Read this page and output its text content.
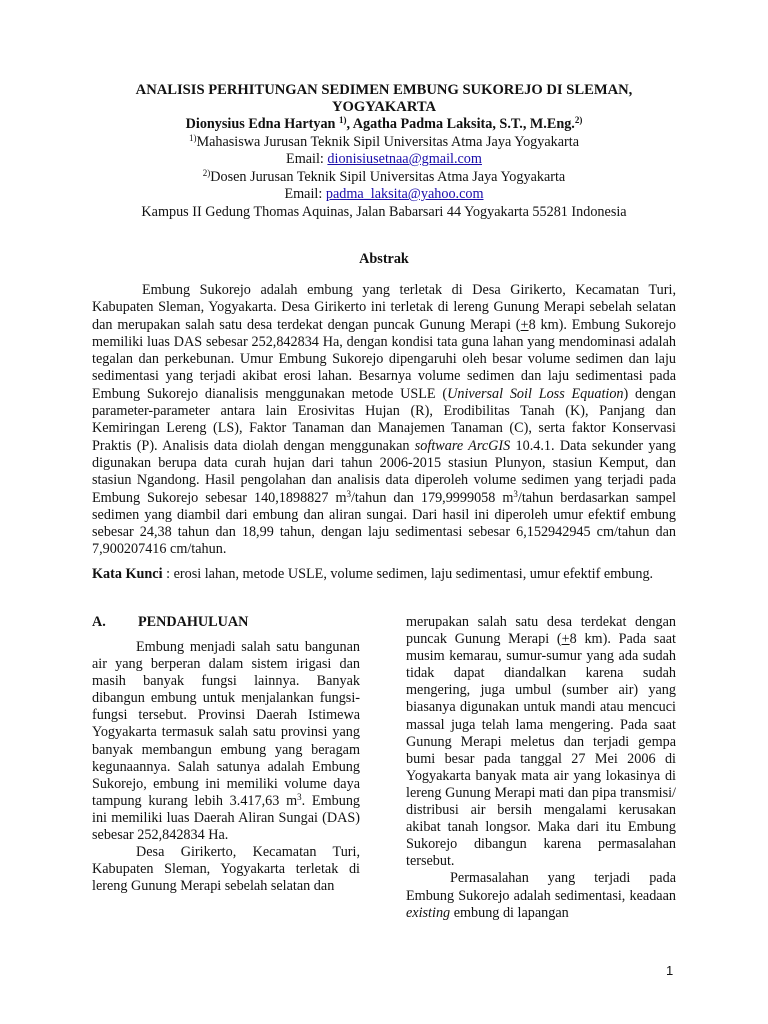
ANALISIS PERHITUNGAN SEDIMEN EMBUNG SUKOREJO DI SLEMAN,
YOGYAKARTA

Dionysius Edna Hartyan $^{1)}$, Agatha Padma Laksita, S.T., M.Eng.$^{2)}$

$^{1)}$Mahasiswa Jurusan Teknik Sipil Universitas Atma Jaya Yogyakarta

Email: dionisiusetnaa@gmail.com

$^{2)}$Dosen Jurusan Teknik Sipil Universitas Atma Jaya Yogyakarta

Email: padma_laksita@yahoo.com

Kampus II Gedung Thomas Aquinas, Jalan Babarsari 44 Yogyakarta 55281 Indonesia

Abstrak

Embung Sukorejo adalah embung yang terletak di Desa Girikerto, Kecamatan Turi, Kabupaten Sleman, Yogyakarta. Desa Girikerto ini terletak di lereng Gunung Merapi sebelah selatan dan merupakan salah satu desa terdekat dengan puncak Gunung Merapi (+8 km). Embung Sukorejo memiliki luas DAS sebesar 252,842834 Ha, dengan kondisi tata guna lahan yang mendominasi adalah tegalan dan perkebunan. Umur Embung Sukorejo dipengaruhi oleh besar volume sedimen dan laju sedimentasi yang terjadi akibat erosi lahan. Besarnya volume sedimen dan laju sedimentasi pada Embung Sukorejo dianalisis menggunakan metode USLE (Universal Soil Loss Equation) dengan parameter-parameter antara lain Erosivitas Hujan (R), Erodibilitas Tanah (K), Panjang dan Kemiringan Lereng (LS), Faktor Tanaman dan Manajemen Tanaman (C), serta faktor Konservasi Praktis (P). Analisis data diolah dengan menggunakan software ArcGIS 10.4.1. Data sekunder yang digunakan berupa data curah hujan dari tahun 2006-2015 stasiun Plunyon, stasiun Kemput, dan stasiun Ngandong. Hasil pengolahan dan analisis data diperoleh volume sedimen yang terjadi pada Embung Sukorejo sebesar 140,1898827 $m^3$/tahun dan 179,9999058 $m^3$/tahun berdasarkan sampel sedimen yang diambil dari embung dan aliran sungai. Dari hasil ini diperoleh umur efektif embung sebesar 24,38 tahun dan 18,99 tahun, dengan laju sedimentasi sebesar 6,152942945 cm/tahun dan 7,900207416 cm/tahun.

Kata Kunci : erosi lahan, metode USLE, volume sedimen, laju sedimentasi, umur efektif embung.

A. PENDAHULUAN

Embung menjadi salah satu bangunan air yang berperan dalam sistem irigasi dan masih banyak fungsi lainnya. Banyak dibangun embung untuk menjalankan fungsi-fungsi tersebut. Provinsi Daerah Istimewa Yogyakarta termasuk salah satu provinsi yang banyak membangun embung yang beragam kegunaannya. Salah satunya adalah Embung Sukorejo, embung ini memiliki volume daya tampung kurang lebih 3.417,63 $m^3$. Embung ini memiliki luas Daerah Aliran Sungai (DAS) sebesar 252,842834 Ha.

Desa Girikerto, Kecamatan Turi, Kabupaten Sleman, Yogyakarta terletak di lereng Gunung Merapi sebelah selatan dan

merupakan salah satu desa terdekat dengan puncak Gunung Merapi (+8 km). Pada saat musim kemarau, sumur-sumur yang ada sudah tidak dapat diandalkan karena sudah mengering, juga umbul (sumber air) yang biasanya digunakan untuk mandi atau mencuci massal juga telah lama mengering. Pada saat Gunung Merapi meletus dan terjadi gempa bumi besar pada tanggal 27 Mei 2006 di Yogyakarta banyak mata air yang lokasinya di lereng Gunung Merapi mati dan pipa transmisi/ distribusi air bersih mengalami kerusakan akibat tanah longsor. Maka dari itu Embung Sukorejo dibangun karena permasalahan tersebut.

Permasalahan yang terjadi pada Embung Sukorejo adalah sedimentasi, keadaan existing embung di lapangan

1
